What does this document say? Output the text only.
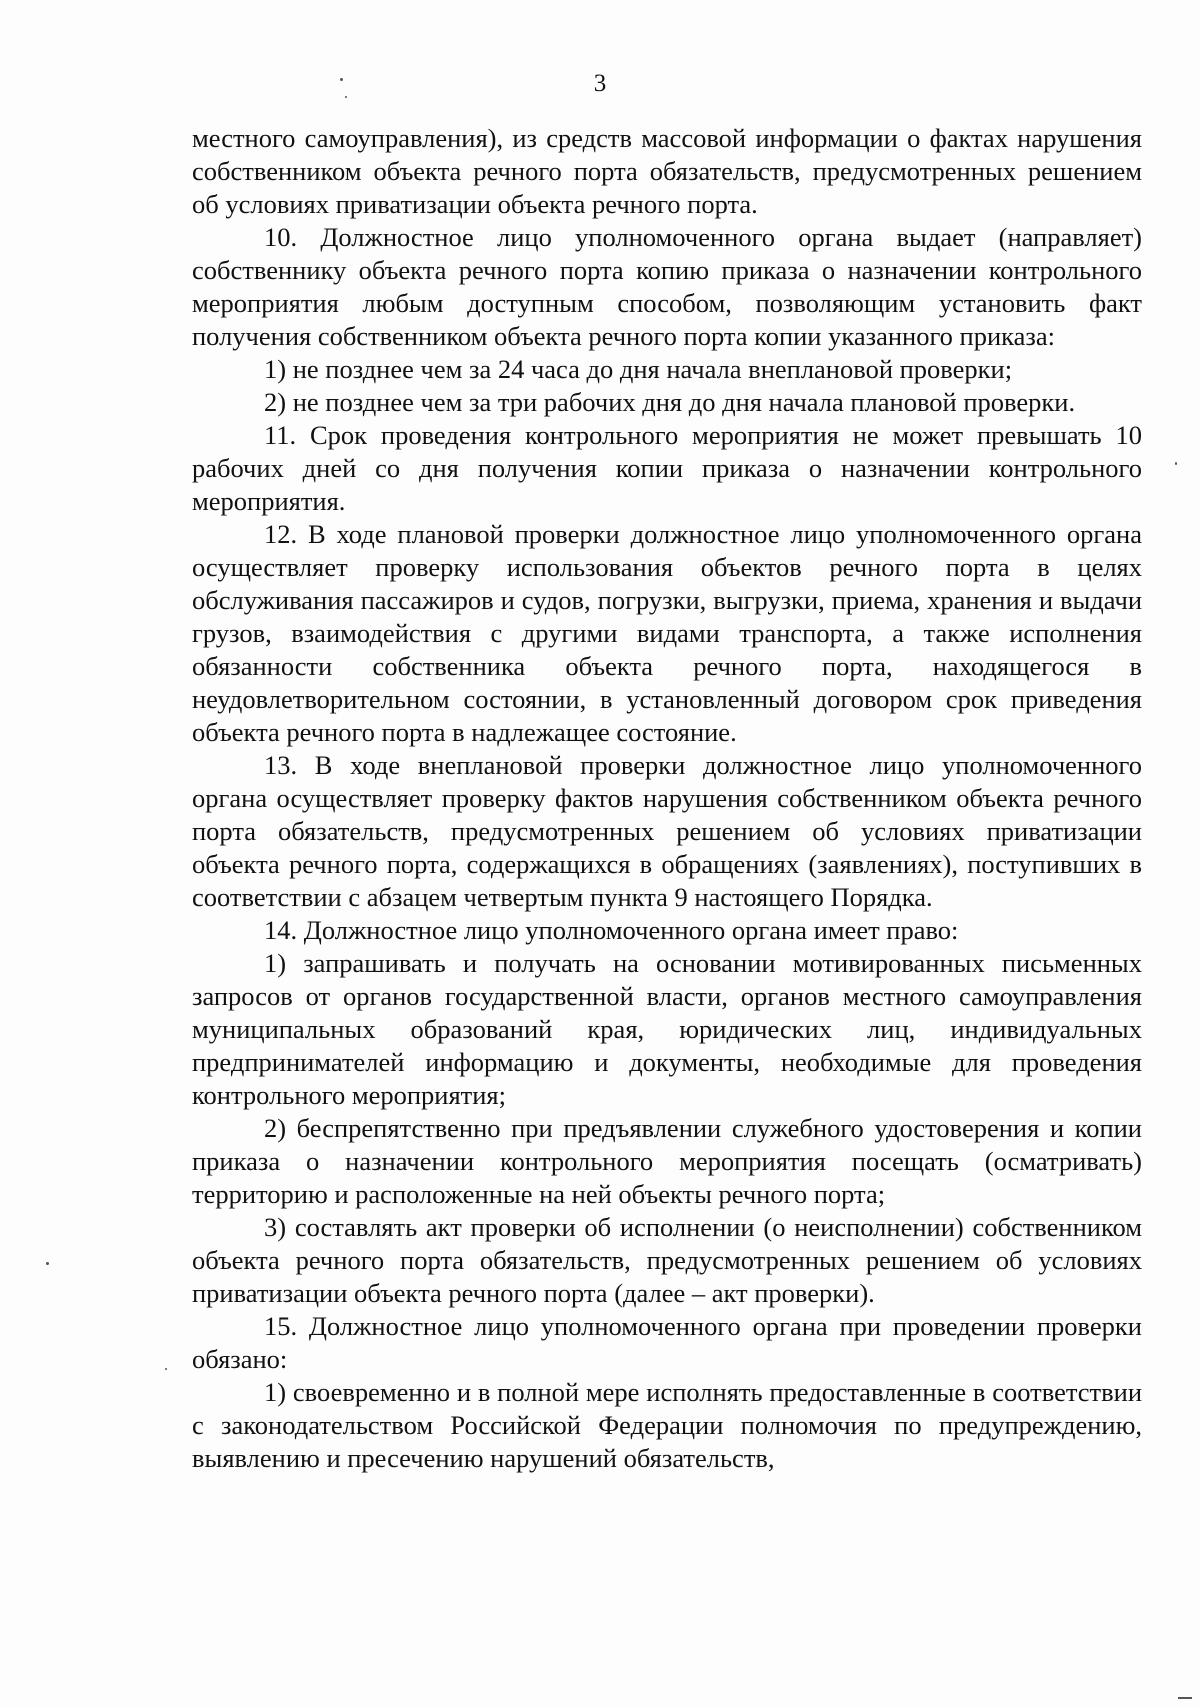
3

местного самоуправления), из средств массовой информации о фактах нарушения собственником объекта речного порта обязательств, предусмотренных решением об условиях приватизации объекта речного порта.

10. Должностное лицо уполномоченного органа выдает (направляет) собственнику объекта речного порта копию приказа о назначении контрольного мероприятия любым доступным способом, позволяющим установить факт получения собственником объекта речного порта копии указанного приказа:

1) не позднее чем за 24 часа до дня начала внеплановой проверки;

2) не позднее чем за три рабочих дня до дня начала плановой проверки.

11. Срок проведения контрольного мероприятия не может превышать 10 рабочих дней со дня получения копии приказа о назначении контрольного мероприятия.

12. В ходе плановой проверки должностное лицо уполномоченного органа осуществляет проверку использования объектов речного порта в целях обслуживания пассажиров и судов, погрузки, выгрузки, приема, хранения и выдачи грузов, взаимодействия с другими видами транспорта, а также исполнения обязанности собственника объекта речного порта, находящегося в неудовлетворительном состоянии, в установленный договором срок приведения объекта речного порта в надлежащее состояние.

13. В ходе внеплановой проверки должностное лицо уполномоченного органа осуществляет проверку фактов нарушения собственником объекта речного порта обязательств, предусмотренных решением об условиях приватизации объекта речного порта, содержащихся в обращениях (заявлениях), поступивших в соответствии с абзацем четвертым пункта 9 настоящего Порядка.

14. Должностное лицо уполномоченного органа имеет право:

1) запрашивать и получать на основании мотивированных письменных запросов от органов государственной власти, органов местного самоуправления муниципальных образований края, юридических лиц, индивидуальных предпринимателей информацию и документы, необходимые для проведения контрольного мероприятия;

2) беспрепятственно при предъявлении служебного удостоверения и копии приказа о назначении контрольного мероприятия посещать (осматривать) территорию и расположенные на ней объекты речного порта;

3) составлять акт проверки об исполнении (о неисполнении) собственником объекта речного порта обязательств, предусмотренных решением об условиях приватизации объекта речного порта (далее – акт проверки).

15. Должностное лицо уполномоченного органа при проведении проверки обязано:

1) своевременно и в полной мере исполнять предоставленные в соответствии с законодательством Российской Федерации полномочия по предупреждению, выявлению и пресечению нарушений обязательств,
